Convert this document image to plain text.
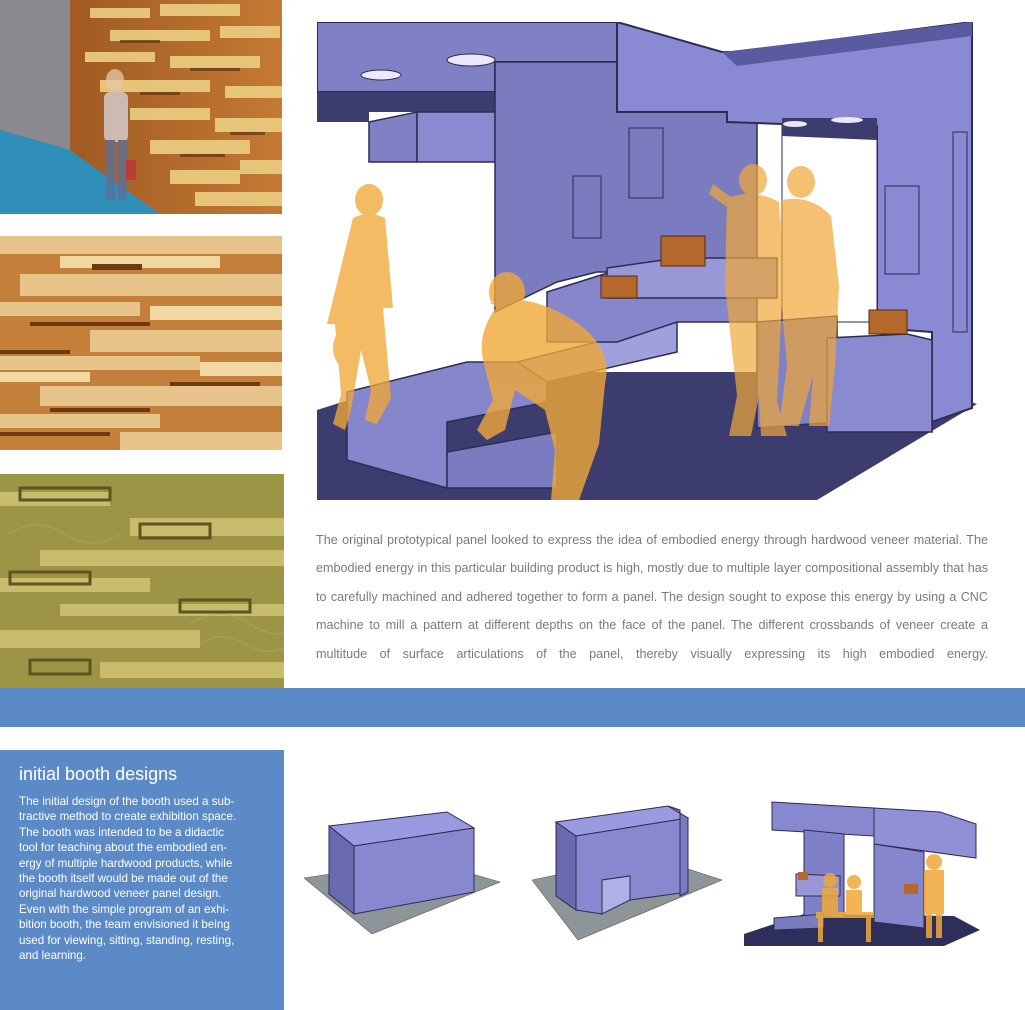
The original prototypical panel looked to express the idea of embodied energy through hardwood veneer material. The embodied energy in this particular building product is high, mostly due to multiple layer compositional assembly that has to carefully machined and adhered together to form a panel. The design sought to expose this energy by using a CNC machine to mill a pattern at different depths on the face of the panel. The different crossbands of veneer create a multitude of surface articulations of the panel, thereby visually expressing its high embodied energy.

initial booth designs

The initial design of the booth used a sub-
tractive method to create exhibition space.
The booth was intended to be a didactic
tool for teaching about the embodied en-
ergy of multiple hardwood products, while
the booth itself would be made out of the
original hardwood veneer panel design.
Even with the simple program of an exhi-
bition booth, the team envisioned it being
used for viewing, sitting, standing, resting,
and learning.
